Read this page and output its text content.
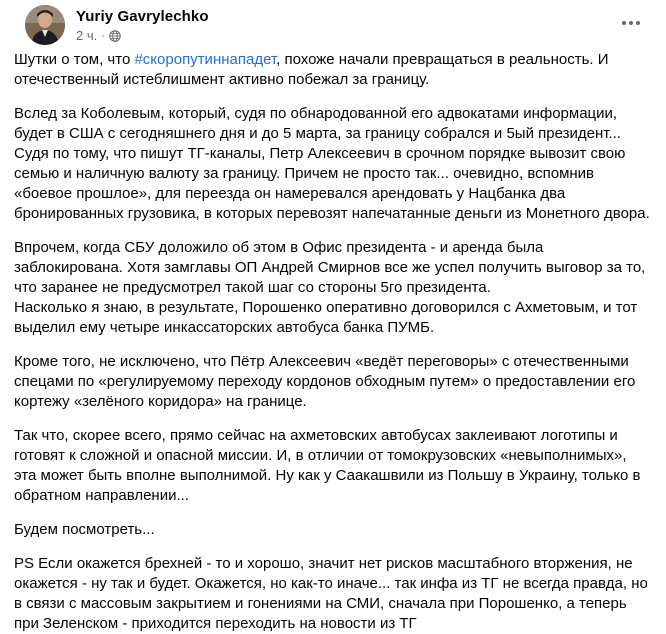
Yuriy Gavrylechko
2 ч. ·

Шутки о том, что #скоропутиннападет, похоже начали превращаться в реальность. И отечественный истеблишмент активно побежал за границу.

Вслед за Коболевым, который, судя по обнародованной его адвокатами информации, будет в США с сегодняшнего дня и до 5 марта, за границу собрался и 5ый президент... Судя по тому, что пишут ТГ-каналы, Петр Алексеевич в срочном порядке вывозит свою семью и наличную валюту за границу. Причем не просто так... очевидно, вспомнив «боевое прошлое», для переезда он намеревался арендовать у Нацбанка два бронированных грузовика, в которых перевозят напечатанные деньги из Монетного двора.

Впрочем, когда СБУ доложило об этом в Офис президента - и аренда была заблокирована. Хотя замглавы ОП Андрей Смирнов все же успел получить выговор за то, что заранее не предусмотрел такой шаг со стороны 5го президента.

Насколько я знаю, в результате, Порошенко оперативно договорился с Ахметовым, и тот выделил ему четыре инкассаторских автобуса банка ПУМБ.

Кроме того, не исключено, что Пётр Алексеевич «ведёт переговоры» с отечественными спецами по «регулируемому переходу кордонов обходным путем» о предоставлении его кортежу «зелёного коридора» на границе.

Так что, скорее всего, прямо сейчас на ахметовских автобусах заклеивают логотипы и готовят к сложной и опасной миссии. И, в отличии от томокрузовских «невыполнимых», эта может быть вполне выполнимой. Ну как у Саакашвили из Польшу в Украину, только в обратном направлении...

Будем посмотреть...

PS Если окажется брехней - то и хорошо, значит нет рисков масштабного вторжения, не окажется - ну так и будет. Окажется, но как-то иначе... так инфа из ТГ не всегда правда, но в связи с массовым закрытием и гонениями на СМИ, сначала при Порошенко, а теперь при Зеленском - приходится переходить на новости из ТГ
